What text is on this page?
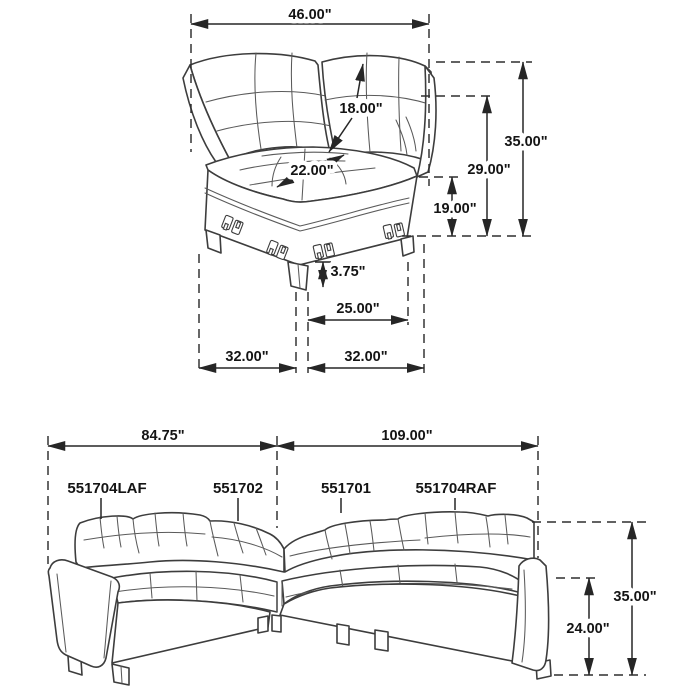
46.00"
35.00"
29.00"
19.00"
18.00"
22.00"
3.75"
25.00"
32.00"	32.00"
84.75"	109.00"
551704LAF	551702	551701	551704RAF
35.00"
24.00"
